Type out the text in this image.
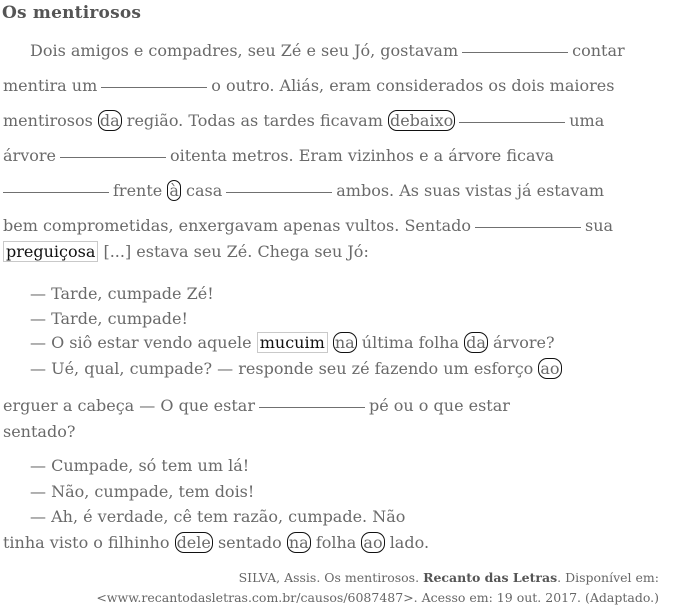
Os mentirosos
Dois amigos e compadres, seu Zé e seu Jó, gostavam	contar
mentira um	o outro. Aliás, eram considerados os dois maiores
mentirosos da região. Todas as tardes ficavam debaixo	uma
árvore	oitenta metros. Eram vizinhos e a árvore ficava
frente à casa	ambos. As suas vistas já estavam
bem comprometidas, enxergavam apenas vultos. Sentado	sua
preguiçosa [...] estava seu Zé. Chega seu Jó:
— Tarde, cumpade Zé!
— Tarde, cumpade!
— O siô estar vendo aquele mucuim na última folha da árvore?
— Ué, qual, cumpade? — responde seu zé fazendo um esforço ao
erguer a cabeça — O que estar	pé ou o que estar
sentado?
— Cumpade, só tem um lá!
— Não, cumpade, tem dois!
— Ah, é verdade, cê tem razão, cumpade. Não
tinha visto o filhinho dele sentado na folha ao lado.
SILVA, Assis. Os mentirosos. Recanto das Letras. Disponível em:
<www.recantodasletras.com.br/causos/6087487>. Acesso em: 19 out. 2017. (Adaptado.)
